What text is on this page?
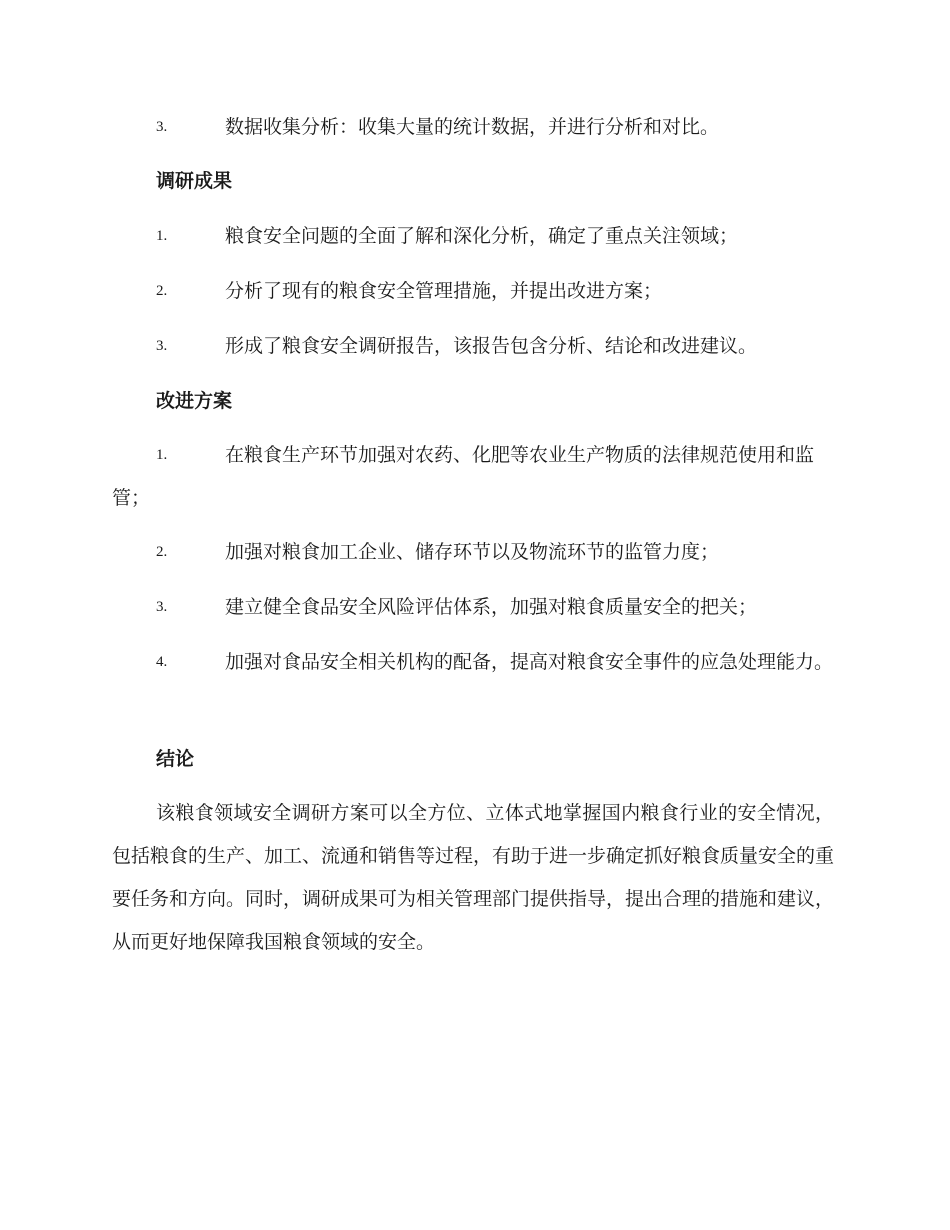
3.	数据收集分析：收集大量的统计数据，并进行分析和对比。
调研成果
1.	粮食安全问题的全面了解和深化分析，确定了重点关注领域；
2.	分析了现有的粮食安全管理措施，并提出改进方案；
3.	形成了粮食安全调研报告，该报告包含分析、结论和改进建议。
改进方案
1.	在粮食生产环节加强对农药、化肥等农业生产物质的法律规范使用和监管；
2.	加强对粮食加工企业、储存环节以及物流环节的监管力度；
3.	建立健全食品安全风险评估体系，加强对粮食质量安全的把关；
4.	加强对食品安全相关机构的配备，提高对粮食安全事件的应急处理能力。
结论
该粮食领域安全调研方案可以全方位、立体式地掌握国内粮食行业的安全情况，包括粮食的生产、加工、流通和销售等过程，有助于进一步确定抓好粮食质量安全的重要任务和方向。同时，调研成果可为相关管理部门提供指导，提出合理的措施和建议，从而更好地保障我国粮食领域的安全。
